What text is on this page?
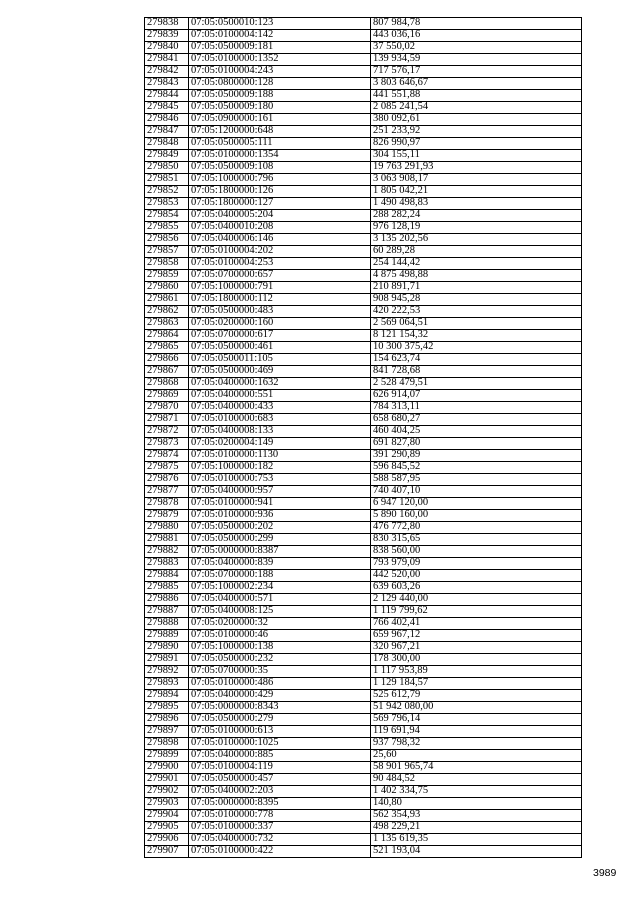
279838	07:05:0500010:123	807 984,78
279839	07:05:0100004:142	443 036,16
279840	07:05:0500009:181	37 550,02
279841	07:05:0100000:1352	139 934,59
279842	07:05:0100004:243	717 576,17
279843	07:05:0800000:128	3 803 646,67
279844	07:05:0500009:188	441 551,88
279845	07:05:0500009:180	2 085 241,54
279846	07:05:0900000:161	380 092,61
279847	07:05:1200000:648	251 233,92
279848	07:05:0500005:111	826 990,97
279849	07:05:0100000:1354	304 155,11
279850	07:05:0500009:108	19 763 291,93
279851	07:05:1000000:796	3 063 908,17
279852	07:05:1800000:126	1 805 042,21
279853	07:05:1800000:127	1 490 498,83
279854	07:05:0400005:204	288 282,24
279855	07:05:0400010:208	976 128,19
279856	07:05:0400006:146	3 135 202,56
279857	07:05:0100004:202	60 289,28
279858	07:05:0100004:253	254 144,42
279859	07:05:0700000:657	4 875 498,88
279860	07:05:1000000:791	210 891,71
279861	07:05:1800000:112	908 945,28
279862	07:05:0500000:483	420 222,53
279863	07:05:0200000:160	2 569 064,51
279864	07:05:0700000:617	8 121 154,32
279865	07:05:0500000:461	10 300 375,42
279866	07:05:0500011:105	154 623,74
279867	07:05:0500000:469	841 728,68
279868	07:05:0400000:1632	2 528 479,51
279869	07:05:0400000:551	626 914,07
279870	07:05:0400000:433	784 313,11
279871	07:05:0100000:683	658 680,27
279872	07:05:0400008:133	460 404,25
279873	07:05:0200004:149	691 827,80
279874	07:05:0100000:1130	391 290,89
279875	07:05:1000000:182	596 845,52
279876	07:05:0100000:753	588 587,95
279877	07:05:0400000:957	740 407,10
279878	07:05:0100000:941	6 947 120,00
279879	07:05:0100000:936	5 890 160,00
279880	07:05:0500000:202	476 772,80
279881	07:05:0500000:299	830 315,65
279882	07:05:0000000:8387	838 560,00
279883	07:05:0400000:839	793 979,09
279884	07:05:0700000:188	442 520,00
279885	07:05:1000002:234	639 603,26
279886	07:05:0400000:571	2 129 440,00
279887	07:05:0400008:125	1 119 799,62
279888	07:05:0200000:32	766 402,41
279889	07:05:0100000:46	659 967,12
279890	07:05:1000000:138	320 967,21
279891	07:05:0500000:232	178 300,00
279892	07:05:0700000:35	1 117 953,89
279893	07:05:0100000:486	1 129 184,57
279894	07:05:0400000:429	525 612,79
279895	07:05:0000000:8343	51 942 080,00
279896	07:05:0500000:279	569 796,14
279897	07:05:0100000:613	119 691,94
279898	07:05:0100000:1025	937 798,32
279899	07:05:0400000:885	25,60
279900	07:05:0100004:119	58 901 965,74
279901	07:05:0500000:457	90 484,52
279902	07:05:0400002:203	1 402 334,75
279903	07:05:0000000:8395	140,80
279904	07:05:0100000:778	562 354,93
279905	07:05:0100000:337	498 229,21
279906	07:05:0400000:732	1 135 619,35
279907	07:05:0100000:422	521 193,04
3989
